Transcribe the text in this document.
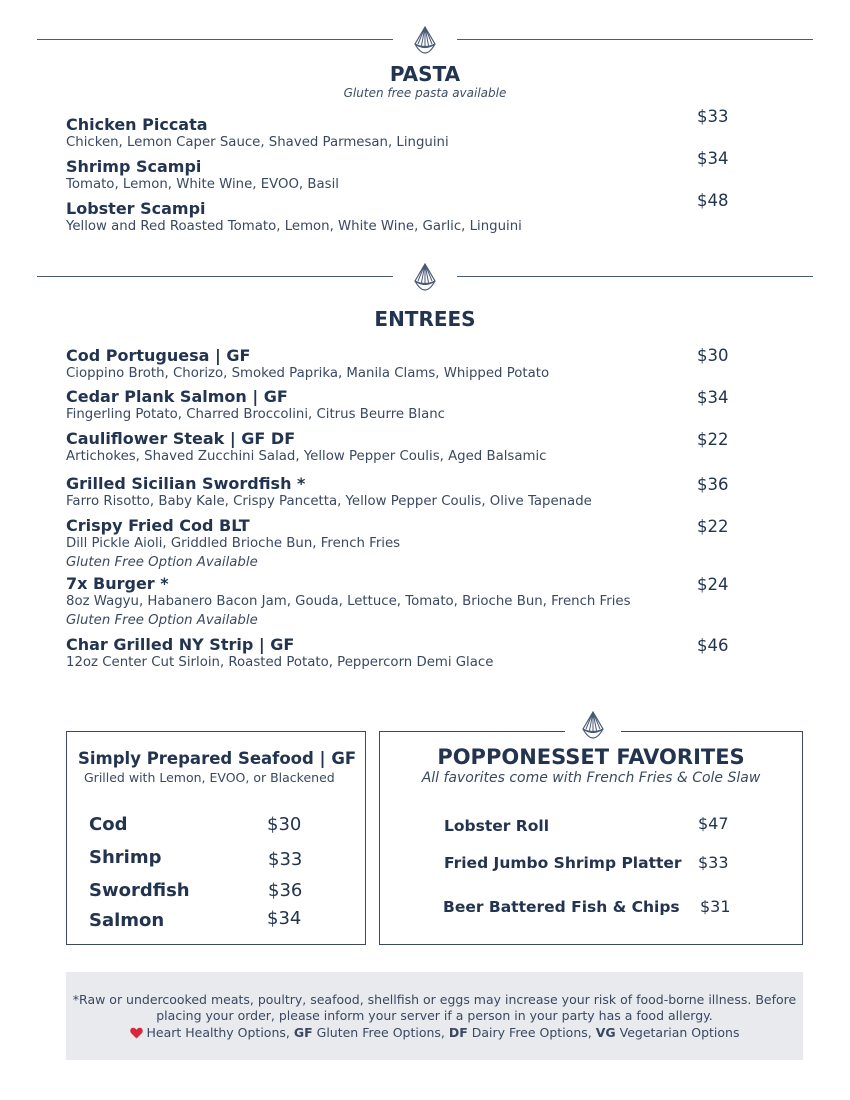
PASTA
Gluten free pasta available
Chicken Piccata
Chicken, Lemon Caper Sauce, Shaved Parmesan, Linguini
$33
Shrimp Scampi
Tomato, Lemon, White Wine, EVOO, Basil
$34
Lobster Scampi
Yellow and Red Roasted Tomato, Lemon, White Wine, Garlic, Linguini
$48
ENTREES
Cod Portuguesa | GF
Cioppino Broth, Chorizo, Smoked Paprika, Manila Clams, Whipped Potato
$30
Cedar Plank Salmon | GF
Fingerling Potato, Charred Broccolini, Citrus Beurre Blanc
$34
Cauliflower Steak | GF DF
Artichokes, Shaved Zucchini Salad, Yellow Pepper Coulis, Aged Balsamic
$22
Grilled Sicilian Swordfish *
Farro Risotto, Baby Kale, Crispy Pancetta, Yellow Pepper Coulis, Olive Tapenade
$36
Crispy Fried Cod BLT
Dill Pickle Aioli, Griddled Brioche Bun, French Fries
Gluten Free Option Available
$22
7x Burger *
8oz Wagyu, Habanero Bacon Jam, Gouda, Lettuce, Tomato, Brioche Bun, French Fries
Gluten Free Option Available
$24
Char Grilled NY Strip | GF
12oz Center Cut Sirloin, Roasted Potato, Peppercorn Demi Glace
$46
Simply Prepared Seafood | GF
Grilled with Lemon, EVOO, or Blackened
Cod	$30
Shrimp	$33
Swordfish	$36
Salmon	$34
POPPONESSET FAVORITES
All favorites come with French Fries & Cole Slaw
Lobster Roll	$47
Fried Jumbo Shrimp Platter $33
Beer Battered Fish & Chips $31

*Raw or undercooked meats, poultry, seafood, shellfish or eggs may increase your risk of food-borne illness. Before

placing your order, please inform your server if a person in your party has a food allergy.

Heart Healthy Options, GF Gluten Free Options, DF Dairy Free Options, VG Vegetarian Options
